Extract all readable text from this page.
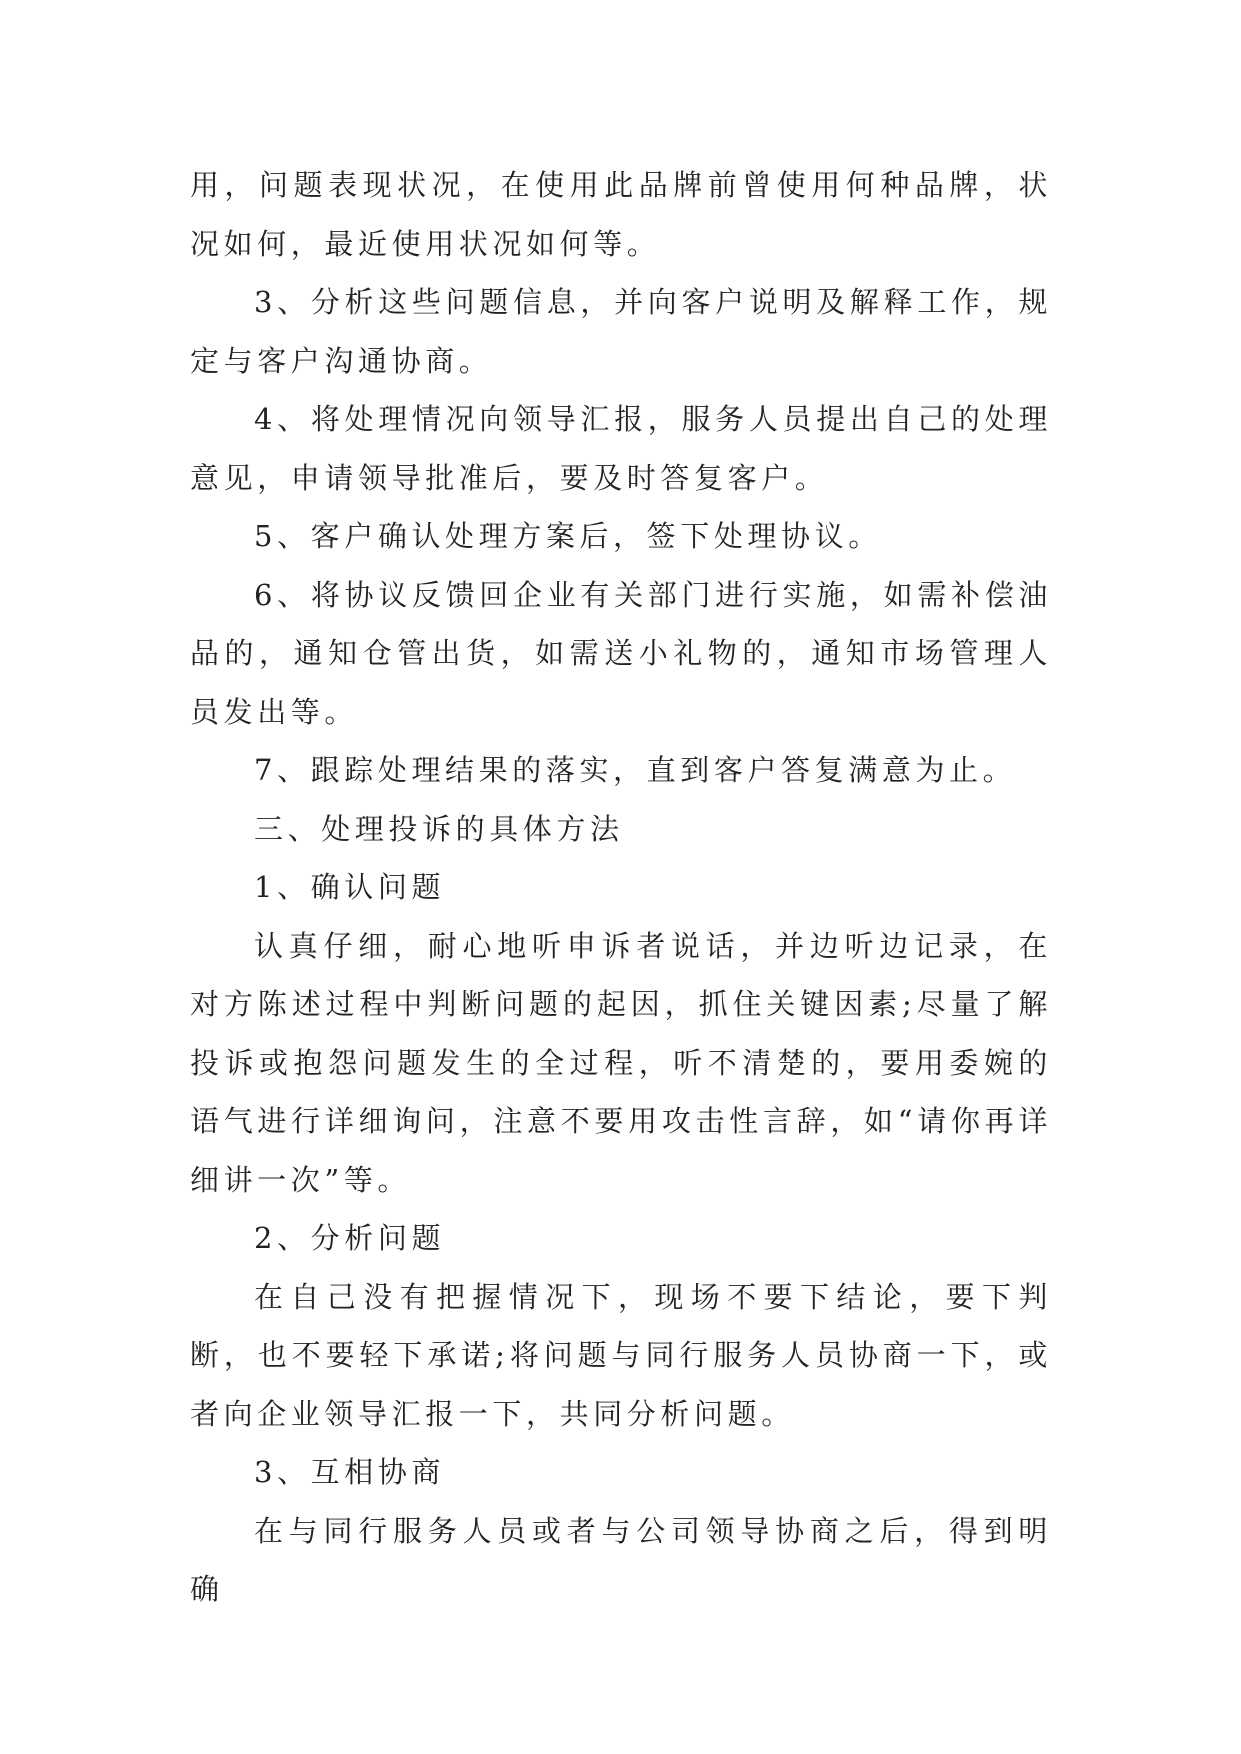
用，问题表现状况，在使用此品牌前曾使用何种品牌，状况如何，最近使用状况如何等。

3、分析这些问题信息，并向客户说明及解释工作，规定与客户沟通协商。

4、将处理情况向领导汇报，服务人员提出自己的处理意见，申请领导批准后，要及时答复客户。

5、客户确认处理方案后，签下处理协议。

6、将协议反馈回企业有关部门进行实施，如需补偿油品的，通知仓管出货，如需送小礼物的，通知市场管理人员发出等。

7、跟踪处理结果的落实，直到客户答复满意为止。

三、处理投诉的具体方法

1、确认问题

认真仔细，耐心地听申诉者说话，并边听边记录，在对方陈述过程中判断问题的起因，抓住关键因素;尽量了解投诉或抱怨问题发生的全过程，听不清楚的，要用委婉的语气进行详细询问，注意不要用攻击性言辞，如“请你再详细讲一次”等。

2、分析问题

在自己没有把握情况下，现场不要下结论，要下判断，也不要轻下承诺;将问题与同行服务人员协商一下，或者向企业领导汇报一下，共同分析问题。

3、互相协商

在与同行服务人员或者与公司领导协商之后，得到明确
